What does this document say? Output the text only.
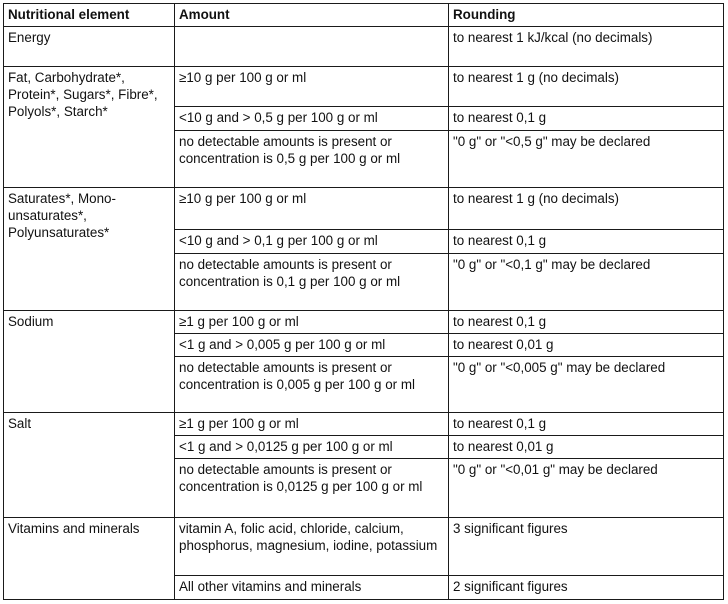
Nutritional element	Amount	Rounding
Energy		to nearest 1 kJ/kcal (no decimals)
Fat, Carbohydrate*, Protein*, Sugars*, Fibre*, Polyols*, Starch*	≥10 g per 100 g or ml	to nearest 1 g (no decimals)
	<10 g and > 0,5 g per 100 g or ml	to nearest 0,1 g
	no detectable amounts is present or concentration is 0,5 g per 100 g or ml	"0 g" or "<0,5 g" may be declared
Saturates*, Mono-unsaturates*, Polyunsaturates*	≥10 g per 100 g or ml	to nearest 1 g (no decimals)
	<10 g and > 0,1 g per 100 g or ml	to nearest 0,1 g
	no detectable amounts is present or concentration is 0,1 g per 100 g or ml	"0 g" or "<0,1 g" may be declared
Sodium	≥1 g per 100 g or ml	to nearest 0,1 g
	<1 g and > 0,005 g per 100 g or ml	to nearest 0,01 g
	no detectable amounts is present or concentration is 0,005 g per 100 g or ml	"0 g" or "<0,005 g" may be declared
Salt	≥1 g per 100 g or ml	to nearest 0,1 g
	<1 g and > 0,0125 g per 100 g or ml	to nearest 0,01 g
	no detectable amounts is present or concentration is 0,0125 g per 100 g or ml	"0 g" or "<0,01 g" may be declared
Vitamins and minerals	vitamin A, folic acid, chloride, calcium, phosphorus, magnesium, iodine, potassium	3 significant figures
	All other vitamins and minerals	2 significant figures
